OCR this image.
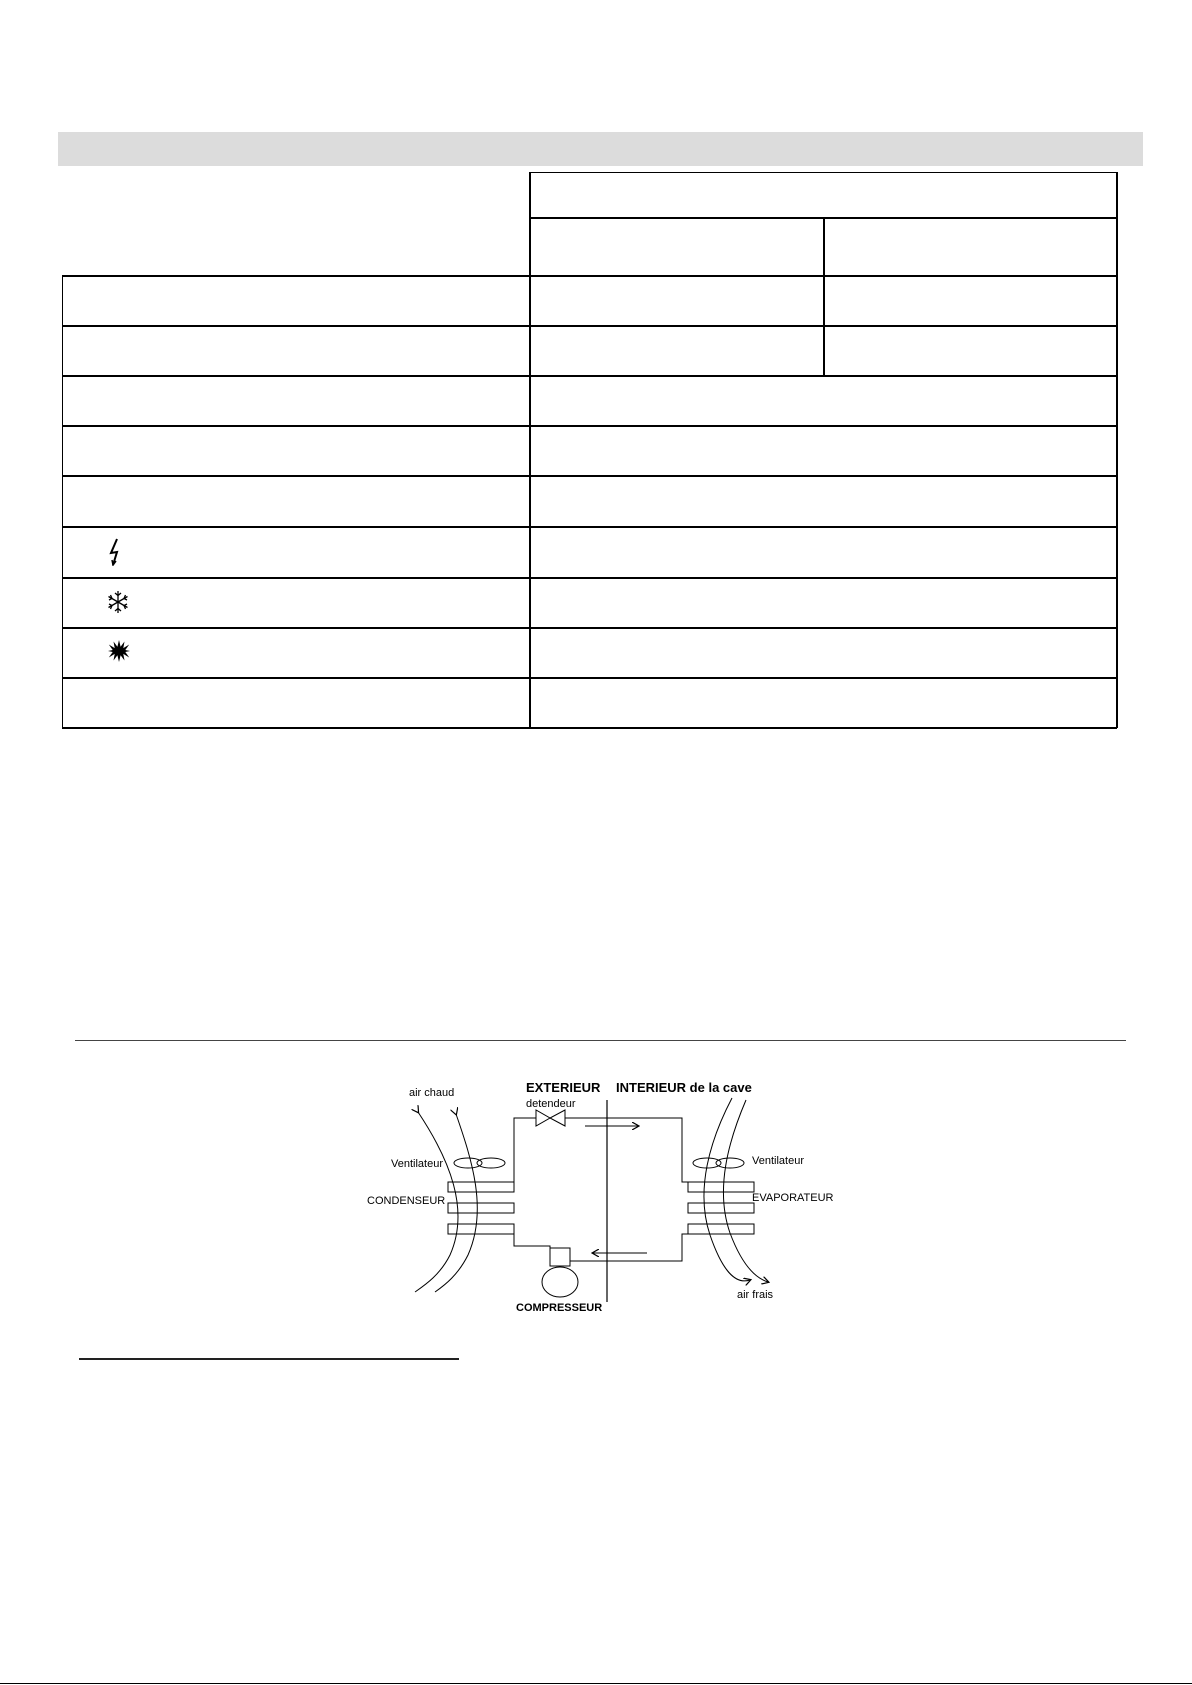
EXTERIEUR INTERIEUR de la cave
air chaud
detendeur
Ventilateur	Ventilateur
CONDENSEUR	EVAPORATEUR
COMPRESSEUR
air frais
